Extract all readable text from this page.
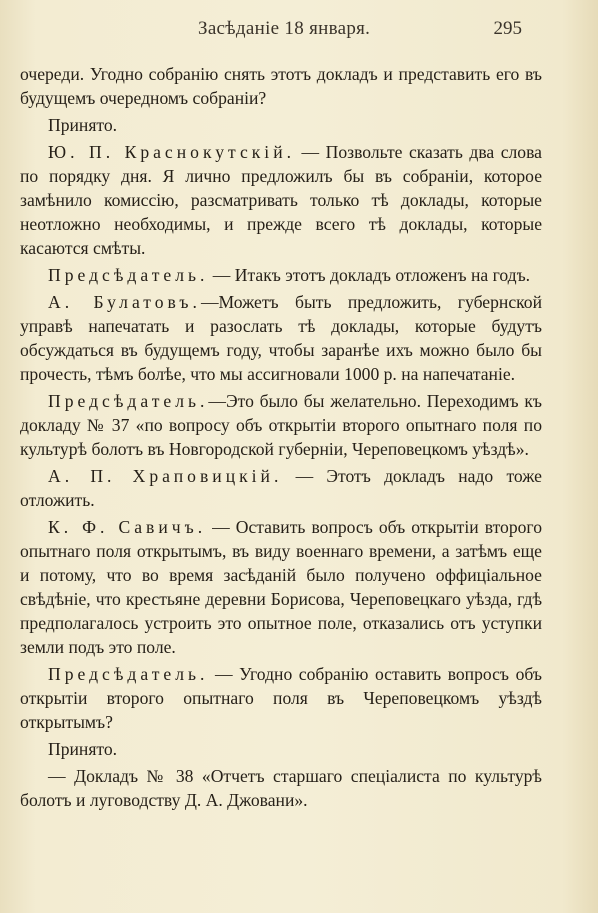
Засѣданіе 18 января.	295

очереди. Угодно собранію снять этотъ докладъ и представить его въ будущемъ очередномъ собраніи?

Принято.

Ю. П. Краснокутскій. — Позвольте сказать два слова по порядку дня. Я лично предложилъ бы въ собраніи, которое замѣнило комиссію, разсматривать только тѣ доклады, которые неотложно необходимы, и прежде всего тѣ доклады, которые касаются смѣты.

Предсѣдатель. — Итакъ этотъ докладъ отложенъ на годъ.

А. Булатовъ.—Можетъ быть предложить, губернской управѣ напечатать и разослать тѣ доклады, которые будутъ обсуждаться въ будущемъ году, чтобы заранѣе ихъ можно было бы прочесть, тѣмъ болѣе, что мы ассигновали 1000 р. на напечатаніе.

Предсѣдатель.—Это было бы желательно. Переходимъ къ докладу № 37 «по вопросу объ открытіи второго опытнаго поля по культурѣ болотъ въ Новгородской губерніи, Череповецкомъ уѣздѣ».

А. П. Храповицкій. — Этотъ докладъ надо тоже отложить.

К. Ф. Савичъ. — Оставить вопросъ объ открытіи второго опытнаго поля открытымъ, въ виду военнаго времени, а затѣмъ еще и потому, что во время засѣданій было получено оффиціальное свѣдѣніе, что крестьяне деревни Борисова, Череповецкаго уѣзда, гдѣ предполагалось устроить это опытное поле, отказались отъ уступки земли подъ это поле.

Предсѣдатель. — Угодно собранію оставить вопросъ объ открытіи второго опытнаго поля въ Череповецкомъ уѣздѣ открытымъ?

Принято.

— Докладъ № 38 «Отчетъ старшаго спеціалиста по культурѣ болотъ и луговодству Д. А. Джовани».
